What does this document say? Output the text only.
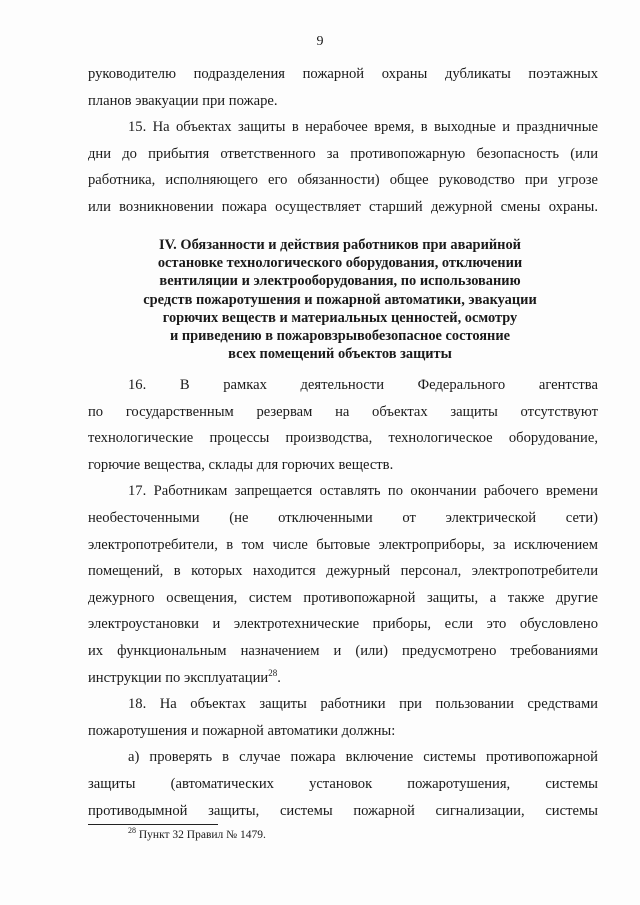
9
руководителю подразделения пожарной охраны дубликаты поэтажных
планов эвакуации при пожаре.
15. На объектах защиты в нерабочее время, в выходные и праздничные
дни до прибытия ответственного за противопожарную безопасность (или
работника, исполняющего его обязанности) общее руководство при угрозе
или возникновении пожара осуществляет старший дежурной смены охраны.
IV. Обязанности и действия работников при аварийной
остановке технологического оборудования, отключении
вентиляции и электрооборудования, по использованию
средств пожаротушения и пожарной автоматики, эвакуации
горючих веществ и материальных ценностей, осмотру
и приведению в пожаровзрывобезопасное состояние
всех помещений объектов защиты
16. В рамках деятельности Федерального агентства
по государственным резервам на объектах защиты отсутствуют
технологические процессы производства, технологическое оборудование,
горючие вещества, склады для горючих веществ.
17. Работникам запрещается оставлять по окончании рабочего времени
необесточенными (не отключенными от электрической сети)
электропотребители, в том числе бытовые электроприборы, за исключением
помещений, в которых находится дежурный персонал, электропотребители
дежурного освещения, систем противопожарной защиты, а также другие
электроустановки и электротехнические приборы, если это обусловлено
их функциональным назначением и (или) предусмотрено требованиями
инструкции по эксплуатации$^{28}$.
18. На объектах защиты работники при пользовании средствами
пожаротушения и пожарной автоматики должны:
а) проверять в случае пожара включение системы противопожарной
защиты (автоматических установок пожаротушения, системы
противодымной защиты, системы пожарной сигнализации, системы
$^{28}$ Пункт 32 Правил № 1479.
